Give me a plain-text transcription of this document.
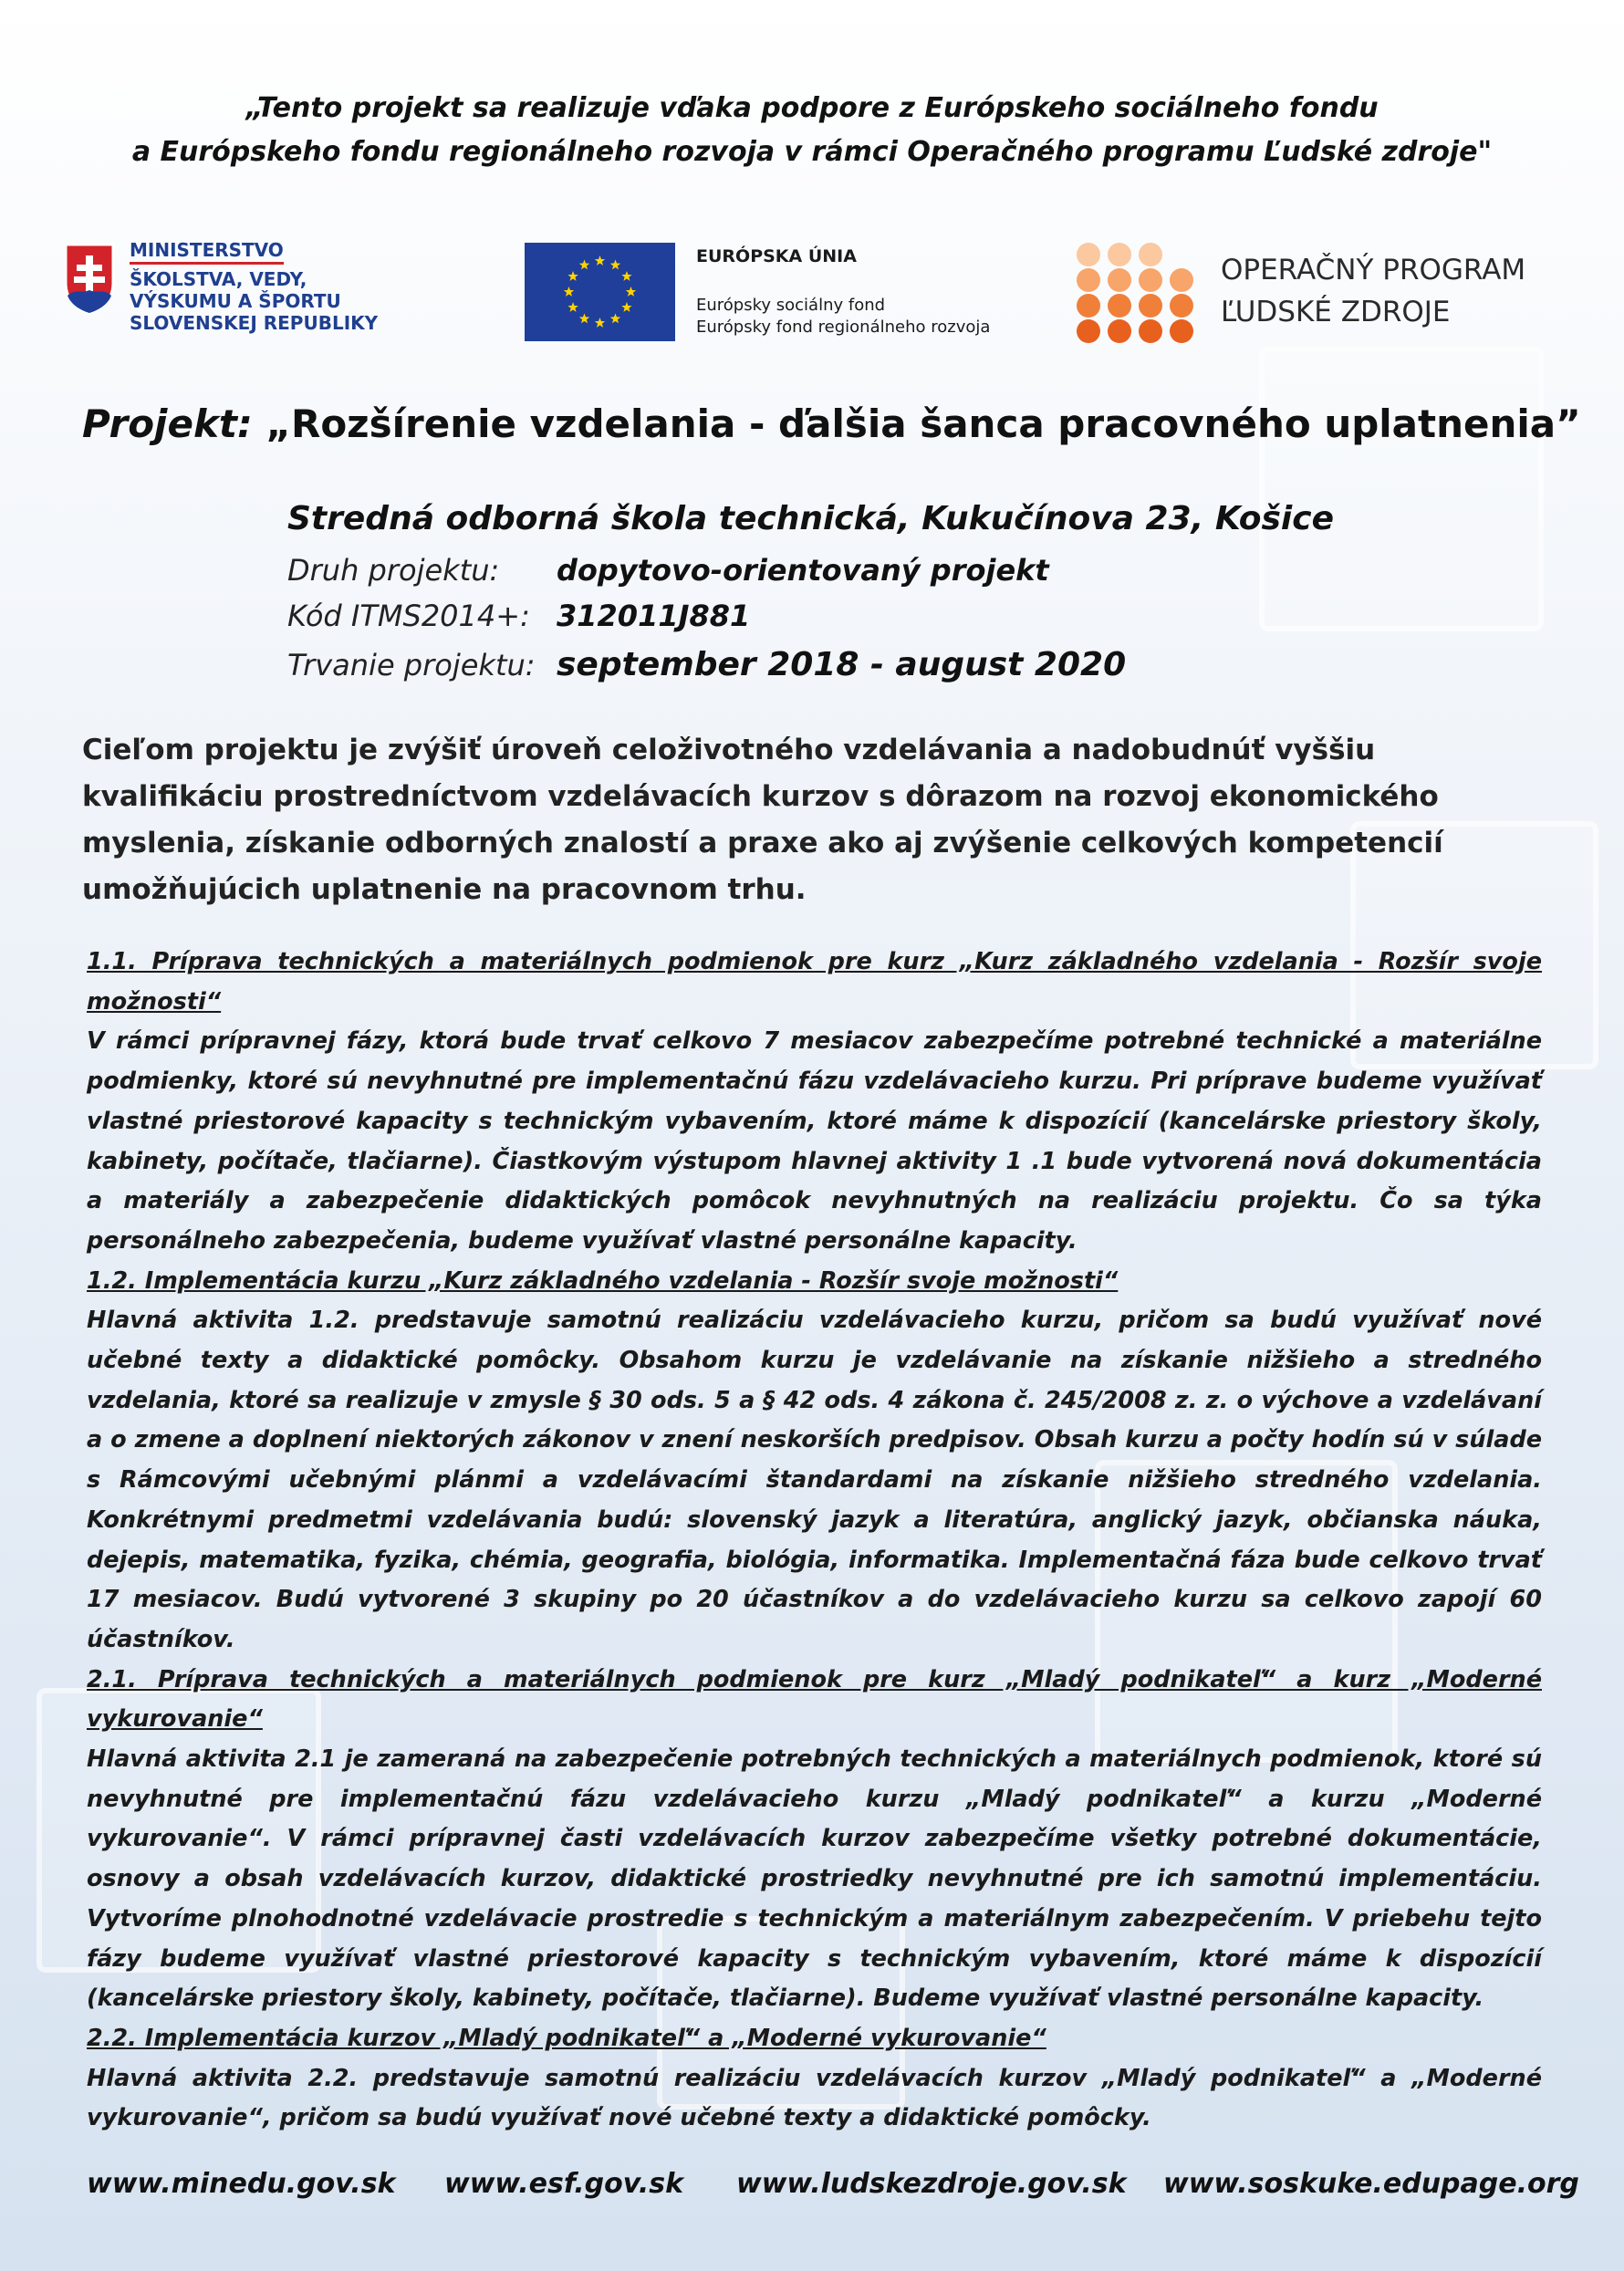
„Tento projekt sa realizuje vďaka podpore z Európskeho sociálneho fondu
a Európskeho fondu regionálneho rozvoja v rámci Operačného programu Ľudské zdroje"
MINISTERSTVO
ŠKOLSTVA, VEDY,
VÝSKUMU A ŠPORTU
SLOVENSKEJ REPUBLIKY
EURÓPSKA ÚNIA
Európsky sociálny fond
Európsky fond regionálneho rozvoja
OPERAČNÝ PROGRAM
ĽUDSKÉ ZDROJE
Projekt: „Rozšírenie vzdelania - ďalšia šanca pracovného uplatnenia”
Stredná odborná škola technická, Kukučínova 23, Košice
Druh projektu: dopytovo-orientovaný projekt
Kód ITMS2014+: 312011J881
Trvanie projektu: september 2018 - august 2020
Cieľom projektu je zvýšiť úroveň celoživotného vzdelávania a nadobudnúť vyššiu kvalifikáciu prostredníctvom vzdelávacích kurzov s dôrazom na rozvoj ekonomického myslenia, získanie odborných znalostí a praxe ako aj zvýšenie celkových kompetencií umožňujúcich uplatnenie na pracovnom trhu.

1.1. Príprava technických a materiálnych podmienok pre kurz „Kurz základného vzdelania - Rozšír svoje možnosti“

V rámci prípravnej fázy, ktorá bude trvať celkovo 7 mesiacov zabezpečíme potrebné technické a materiálne podmienky, ktoré sú nevyhnutné pre implementačnú fázu vzdelávacieho kurzu. Pri príprave budeme využívať vlastné priestorové kapacity s technickým vybavením, ktoré máme k dispozícií (kancelárske priestory školy, kabinety, počítače, tlačiarne). Čiastkovým výstupom hlavnej aktivity 1 .1 bude vytvorená nová dokumentácia a materiály a zabezpečenie didaktických pomôcok nevyhnutných na realizáciu projektu. Čo sa týka personálneho zabezpečenia, budeme využívať vlastné personálne kapacity.

1.2. Implementácia kurzu „Kurz základného vzdelania - Rozšír svoje možnosti“

Hlavná aktivita 1.2. predstavuje samotnú realizáciu vzdelávacieho kurzu, pričom sa budú využívať nové učebné texty a didaktické pomôcky. Obsahom kurzu je vzdelávanie na získanie nižšieho a stredného vzdelania, ktoré sa realizuje v zmysle § 30 ods. 5 a § 42 ods. 4 zákona č. 245/2008 z. z. o výchove a vzdelávaní a o zmene a doplnení niektorých zákonov v znení neskorších predpisov. Obsah kurzu a počty hodín sú v súlade s Rámcovými učebnými plánmi a vzdelávacími štandardami na získanie nižšieho stredného vzdelania. Konkrétnymi predmetmi vzdelávania budú: slovenský jazyk a literatúra, anglický jazyk, občianska náuka, dejepis, matematika, fyzika, chémia, geografia, biológia, informatika. Implementačná fáza bude celkovo trvať 17 mesiacov. Budú vytvorené 3 skupiny po 20 účastníkov a do vzdelávacieho kurzu sa celkovo zapojí 60 účastníkov.

2.1. Príprava technických a materiálnych podmienok pre kurz „Mladý podnikateľ“ a kurz „Moderné vykurovanie“

Hlavná aktivita 2.1 je zameraná na zabezpečenie potrebných technických a materiálnych podmienok, ktoré sú nevyhnutné pre implementačnú fázu vzdelávacieho kurzu „Mladý podnikateľ“ a kurzu „Moderné vykurovanie“. V rámci prípravnej časti vzdelávacích kurzov zabezpečíme všetky potrebné dokumentácie, osnovy a obsah vzdelávacích kurzov, didaktické prostriedky nevyhnutné pre ich samotnú implementáciu. Vytvoríme plnohodnotné vzdelávacie prostredie s technickým a materiálnym zabezpečením. V priebehu tejto fázy budeme využívať vlastné priestorové kapacity s technickým vybavením, ktoré máme k dispozícií (kancelárske priestory školy, kabinety, počítače, tlačiarne). Budeme využívať vlastné personálne kapacity.

2.2. Implementácia kurzov „Mladý podnikateľ“ a „Moderné vykurovanie“

Hlavná aktivita 2.2. predstavuje samotnú realizáciu vzdelávacích kurzov „Mladý podnikateľ“ a „Moderné vykurovanie“, pričom sa budú využívať nové učebné texty a didaktické pomôcky.

www.minedu.gov.sk www.esf.gov.sk www.ludskezdroje.gov.sk www.soskuke.edupage.org
